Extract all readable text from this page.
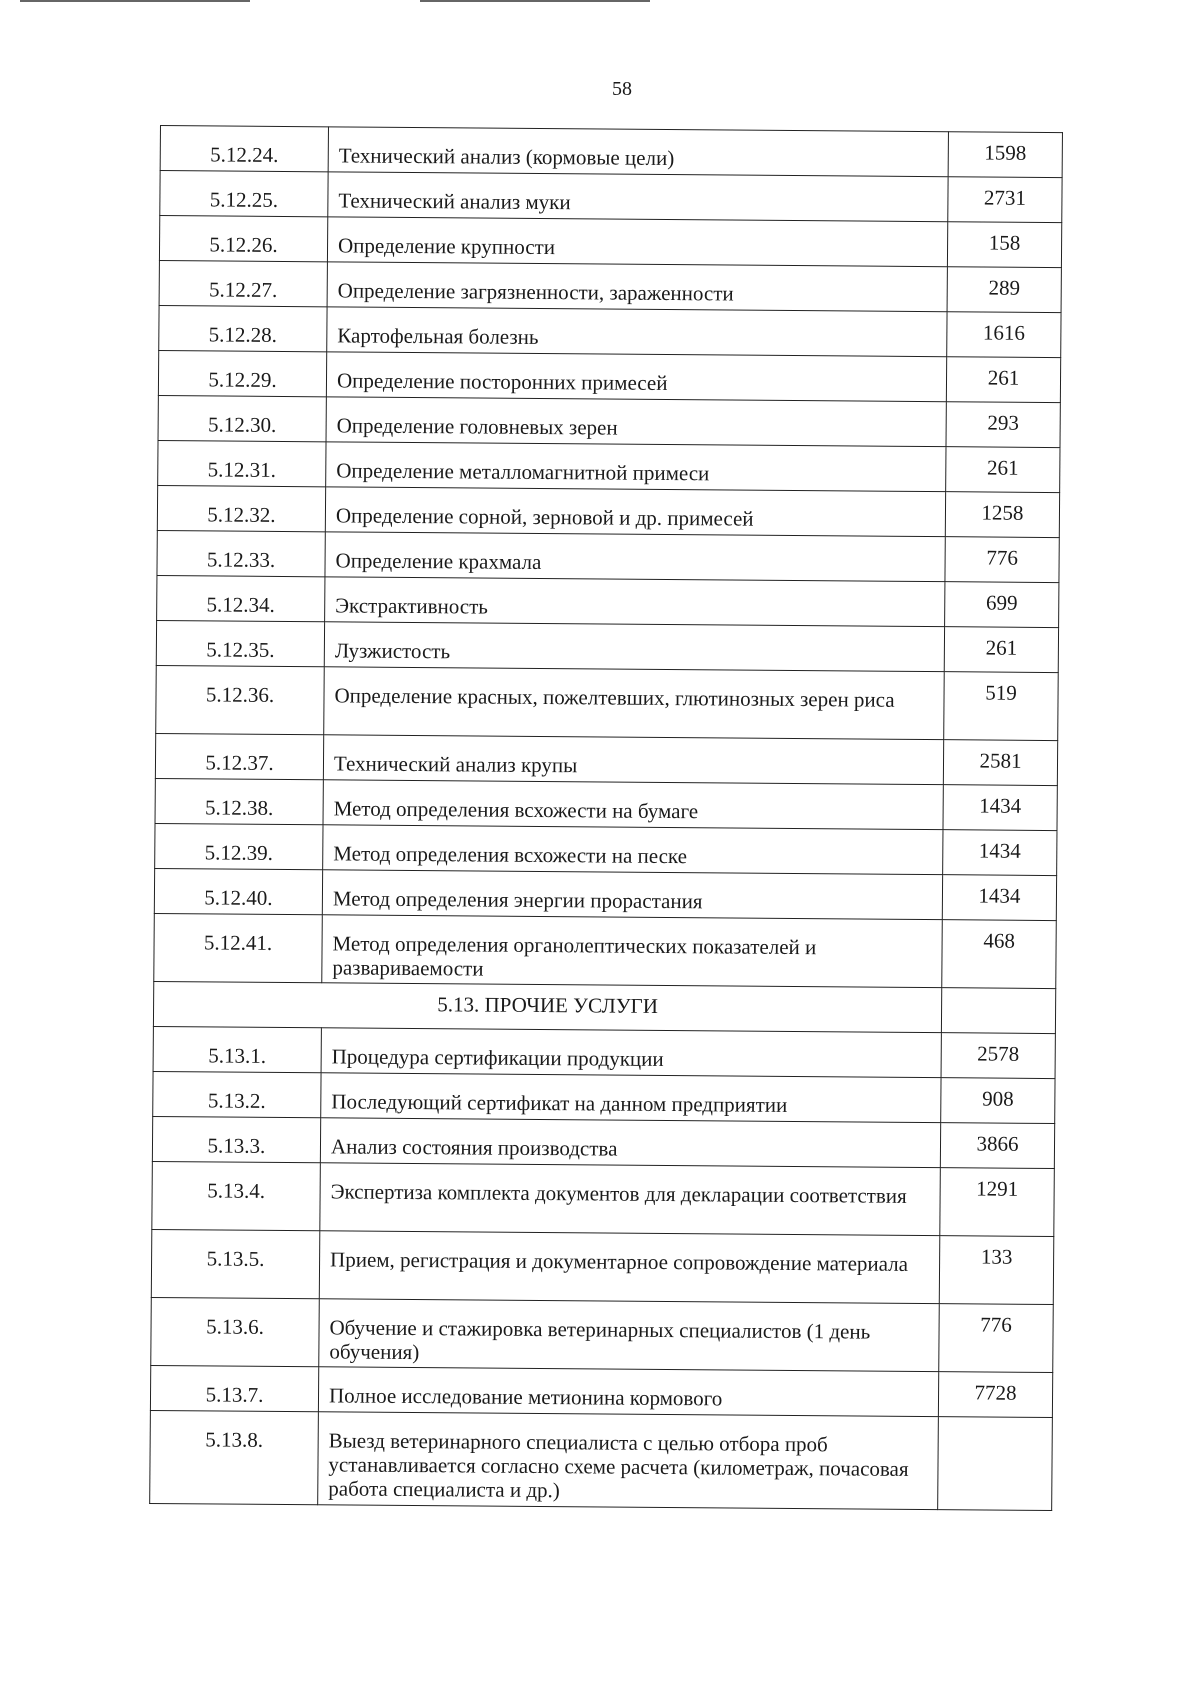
58
5.12.24.	Технический анализ (кормовые цели)	1598
5.12.25.	Технический анализ муки	2731
5.12.26.	Определение крупности	158
5.12.27.	Определение загрязненности, зараженности	289
5.12.28.	Картофельная болезнь	1616
5.12.29.	Определение посторонних примесей	261
5.12.30.	Определение головневых зерен	293
5.12.31.	Определение металломагнитной примеси	261
5.12.32.	Определение сорной, зерновой и др. примесей	1258
5.12.33.	Определение крахмала	776
5.12.34.	Экстрактивность	699
5.12.35.	Лузжистость	261
5.12.36.	Определение красных, пожелтевших, глютинозных зерен риса	519
5.12.37.	Технический анализ крупы	2581
5.12.38.	Метод определения всхожести на бумаге	1434
5.12.39.	Метод определения всхожести на песке	1434
5.12.40.	Метод определения энергии прорастания	1434
5.12.41.	Метод определения органолептических показателей и развариваемости	468
5.13. ПРОЧИЕ УСЛУГИ		
5.13.1.	Процедура сертификации продукции	2578
5.13.2.	Последующий сертификат на данном предприятии	908
5.13.3.	Анализ состояния производства	3866
5.13.4.	Экспертиза комплекта документов для декларации соответствия	1291
5.13.5.	Прием, регистрация и документарное сопровождение материала	133
5.13.6.	Обучение и стажировка ветеринарных специалистов (1 день обучения)	776
5.13.7.	Полное исследование метионина кормового	7728
5.13.8.	Выезд ветеринарного специалиста с целью отбора проб устанавливается согласно схеме расчета (километраж, почасовая работа специалиста и др.)	
